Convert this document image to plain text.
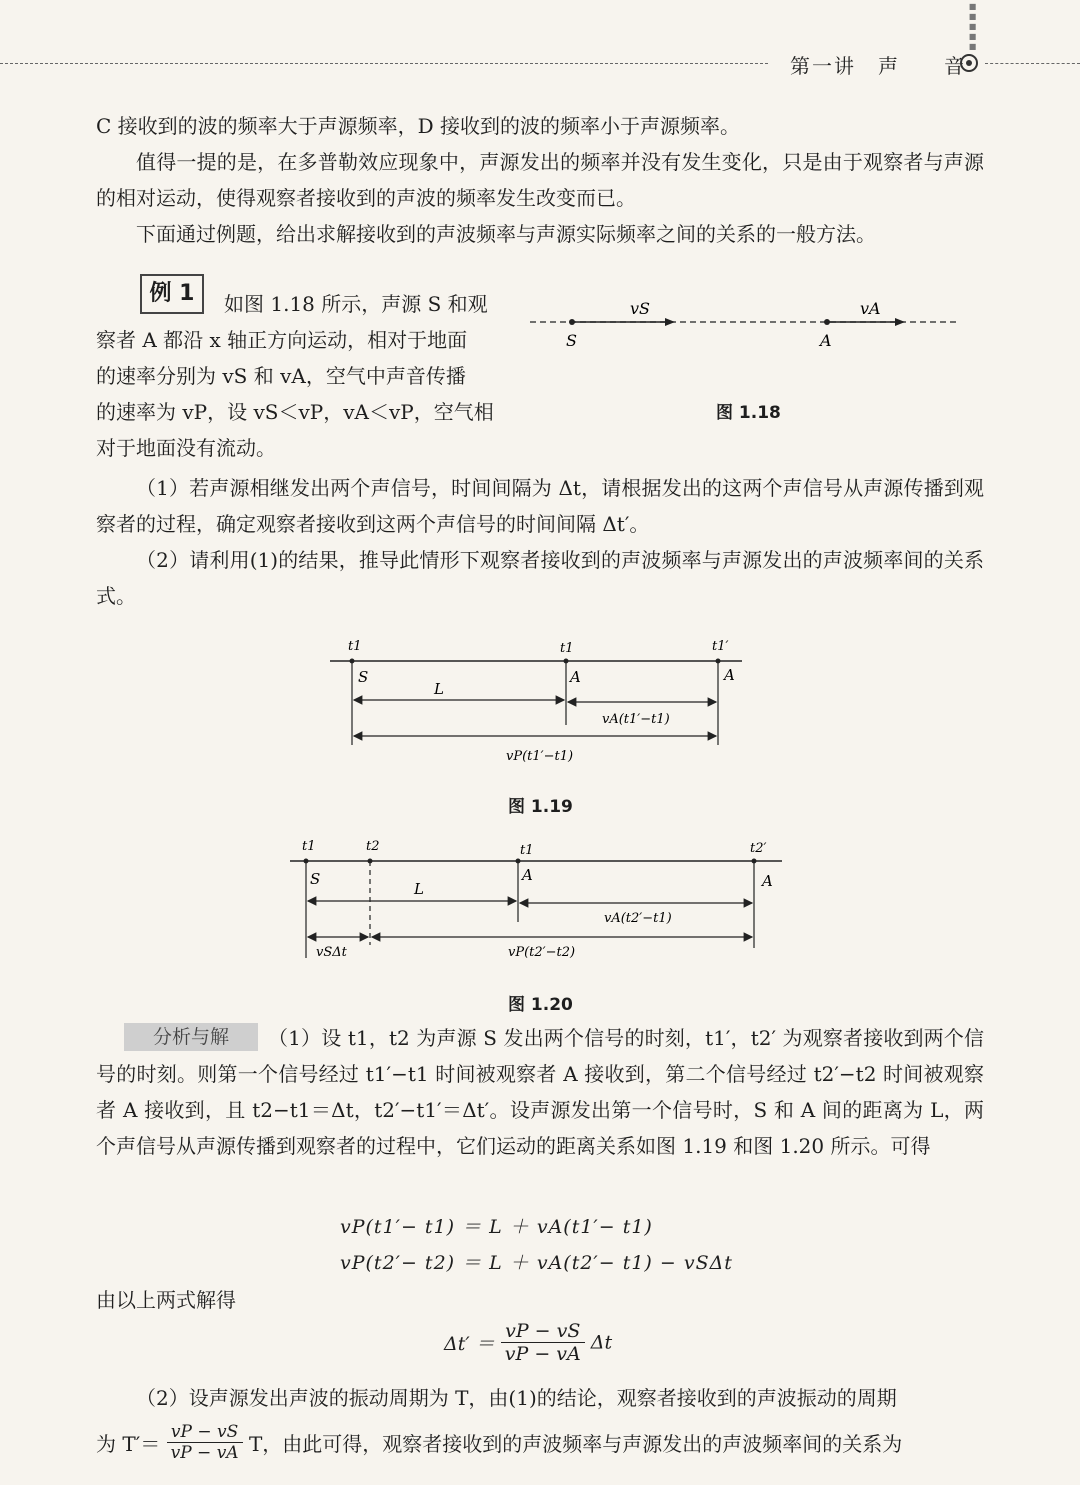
■■■■■
第一讲　声　　音
C 接收到的波的频率大于声源频率，D 接收到的波的频率小于声源频率。
值得一提的是，在多普勒效应现象中，声源发出的频率并没有发生变化，只是由于观察者与声源的相对运动，使得观察者接收到的声波的频率发生改变而已。
下面通过例题，给出求解接收到的声波频率与声源实际频率之间的关系的一般方法。
例 1	如图 1.18 所示，声源 S 和观
察者 A 都沿 x 轴正方向运动，相对于地面
的速率分别为 vS 和 vA，空气中声音传播
的速率为 vP，设 vS＜vP，vA＜vP，空气相
对于地面没有流动。
vS	vA
S	A
图 1.18
（1）若声源相继发出两个声信号，时间间隔为 Δt，请根据发出的这两个声信号从声源传播到观察者的过程，确定观察者接收到这两个声信号的时间间隔 Δt′。
（2）请利用(1)的结果，推导此情形下观察者接收到的声波频率与声源发出的声波频率间的关系式。
t1	t1	t1′
S	A	A
L
vA(t1′−t1)
vP(t1′−t1)
图 1.19
t1	t2	t1	t2′
S	A	A
L
vA(t2′−t1)
vSΔt	vP(t2′−t2)
图 1.20
分析与解	（1）设 t1，t2 为声源 S 发出两个信号的时刻，t1′，t2′ 为观察者接收到两个信号的时刻。则第一个信号经过 t1′−t1 时间被观察者 A 接收到，第二个信号经过 t2′−t2 时间被观察者 A 接收到，且 t2−t1＝Δt，t2′−t1′＝Δt′。设声源发出第一个信号时，S 和 A 间的距离为 L，两个声信号从声源传播到观察者的过程中，它们运动的距离关系如图 1.19 和图 1.20 所示。可得
vP(t1′− t1) ＝ L ＋ vA(t1′− t1)
vP(t2′− t2) ＝ L ＋ vA(t2′− t1) − vSΔt
由以上两式解得
$\Delta t' = \frac{vP - vS}{vP - vA}$ Δt
（2）设声源发出声波的振动周期为 T，由(1)的结论，观察者接收到的声波振动的周期
为 $T'= \frac{vP - vS}{vP - vA}$ T，由此可得，观察者接收到的声波频率与声源发出的声波频率间的关系为
